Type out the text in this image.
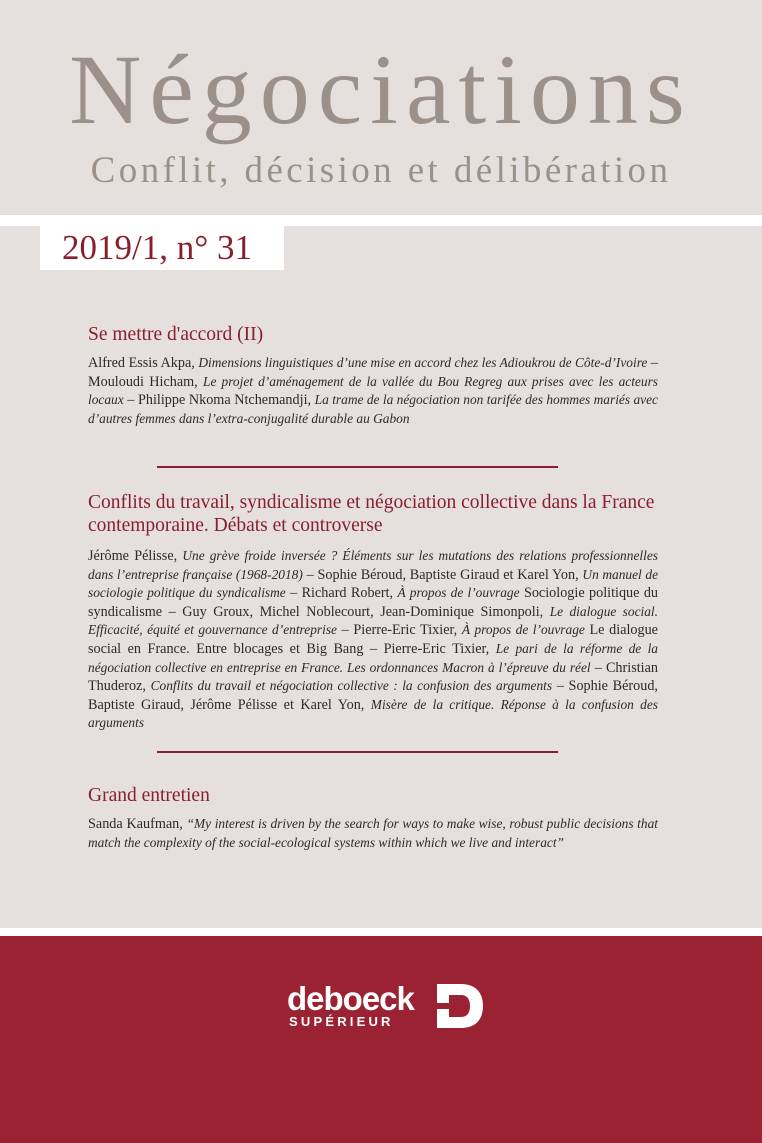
Négociations
Conflit, décision et délibération
2019/1, n° 31
Se mettre d'accord (II)

Alfred Essis Akpa, Dimensions linguistiques d’une mise en accord chez les Adioukrou de Côte-d’Ivoire – Mouloudi Hicham, Le projet d’aménagement de la vallée du Bou Regreg aux prises avec les acteurs locaux – Philippe Nkoma Ntchemandji, La trame de la négociation non tarifée des hommes mariés avec d’autres femmes dans l’extra-conjugalité durable au Gabon

Conflits du travail, syndicalisme et négociation collective dans la France contemporaine. Débats et controverse

Jérôme Pélisse, Une grève froide inversée ? Éléments sur les mutations des relations professionnelles dans l’entreprise française (1968-2018) – Sophie Béroud, Baptiste Giraud et Karel Yon, Un manuel de sociologie politique du syndicalisme – Richard Robert, À propos de l’ouvrage Sociologie politique du syndicalisme – Guy Groux, Michel Noblecourt, Jean-Dominique Simonpoli, Le dialogue social. Efficacité, équité et gouvernance d’entreprise – Pierre-Eric Tixier, À propos de l’ouvrage Le dialogue social en France. Entre blocages et Big Bang – Pierre-Eric Tixier, Le pari de la réforme de la négociation collective en entreprise en France. Les ordonnances Macron à l’épreuve du réel – Christian Thuderoz, Conflits du travail et négociation collective : la confusion des arguments – Sophie Béroud, Baptiste Giraud, Jérôme Pélisse et Karel Yon, Misère de la critique. Réponse à la confusion des arguments

Grand entretien

Sanda Kaufman, “My interest is driven by the search for ways to make wise, robust public decisions that match the complexity of the social-ecological systems within which we live and interact”

deboeck
SUPÉRIEUR
